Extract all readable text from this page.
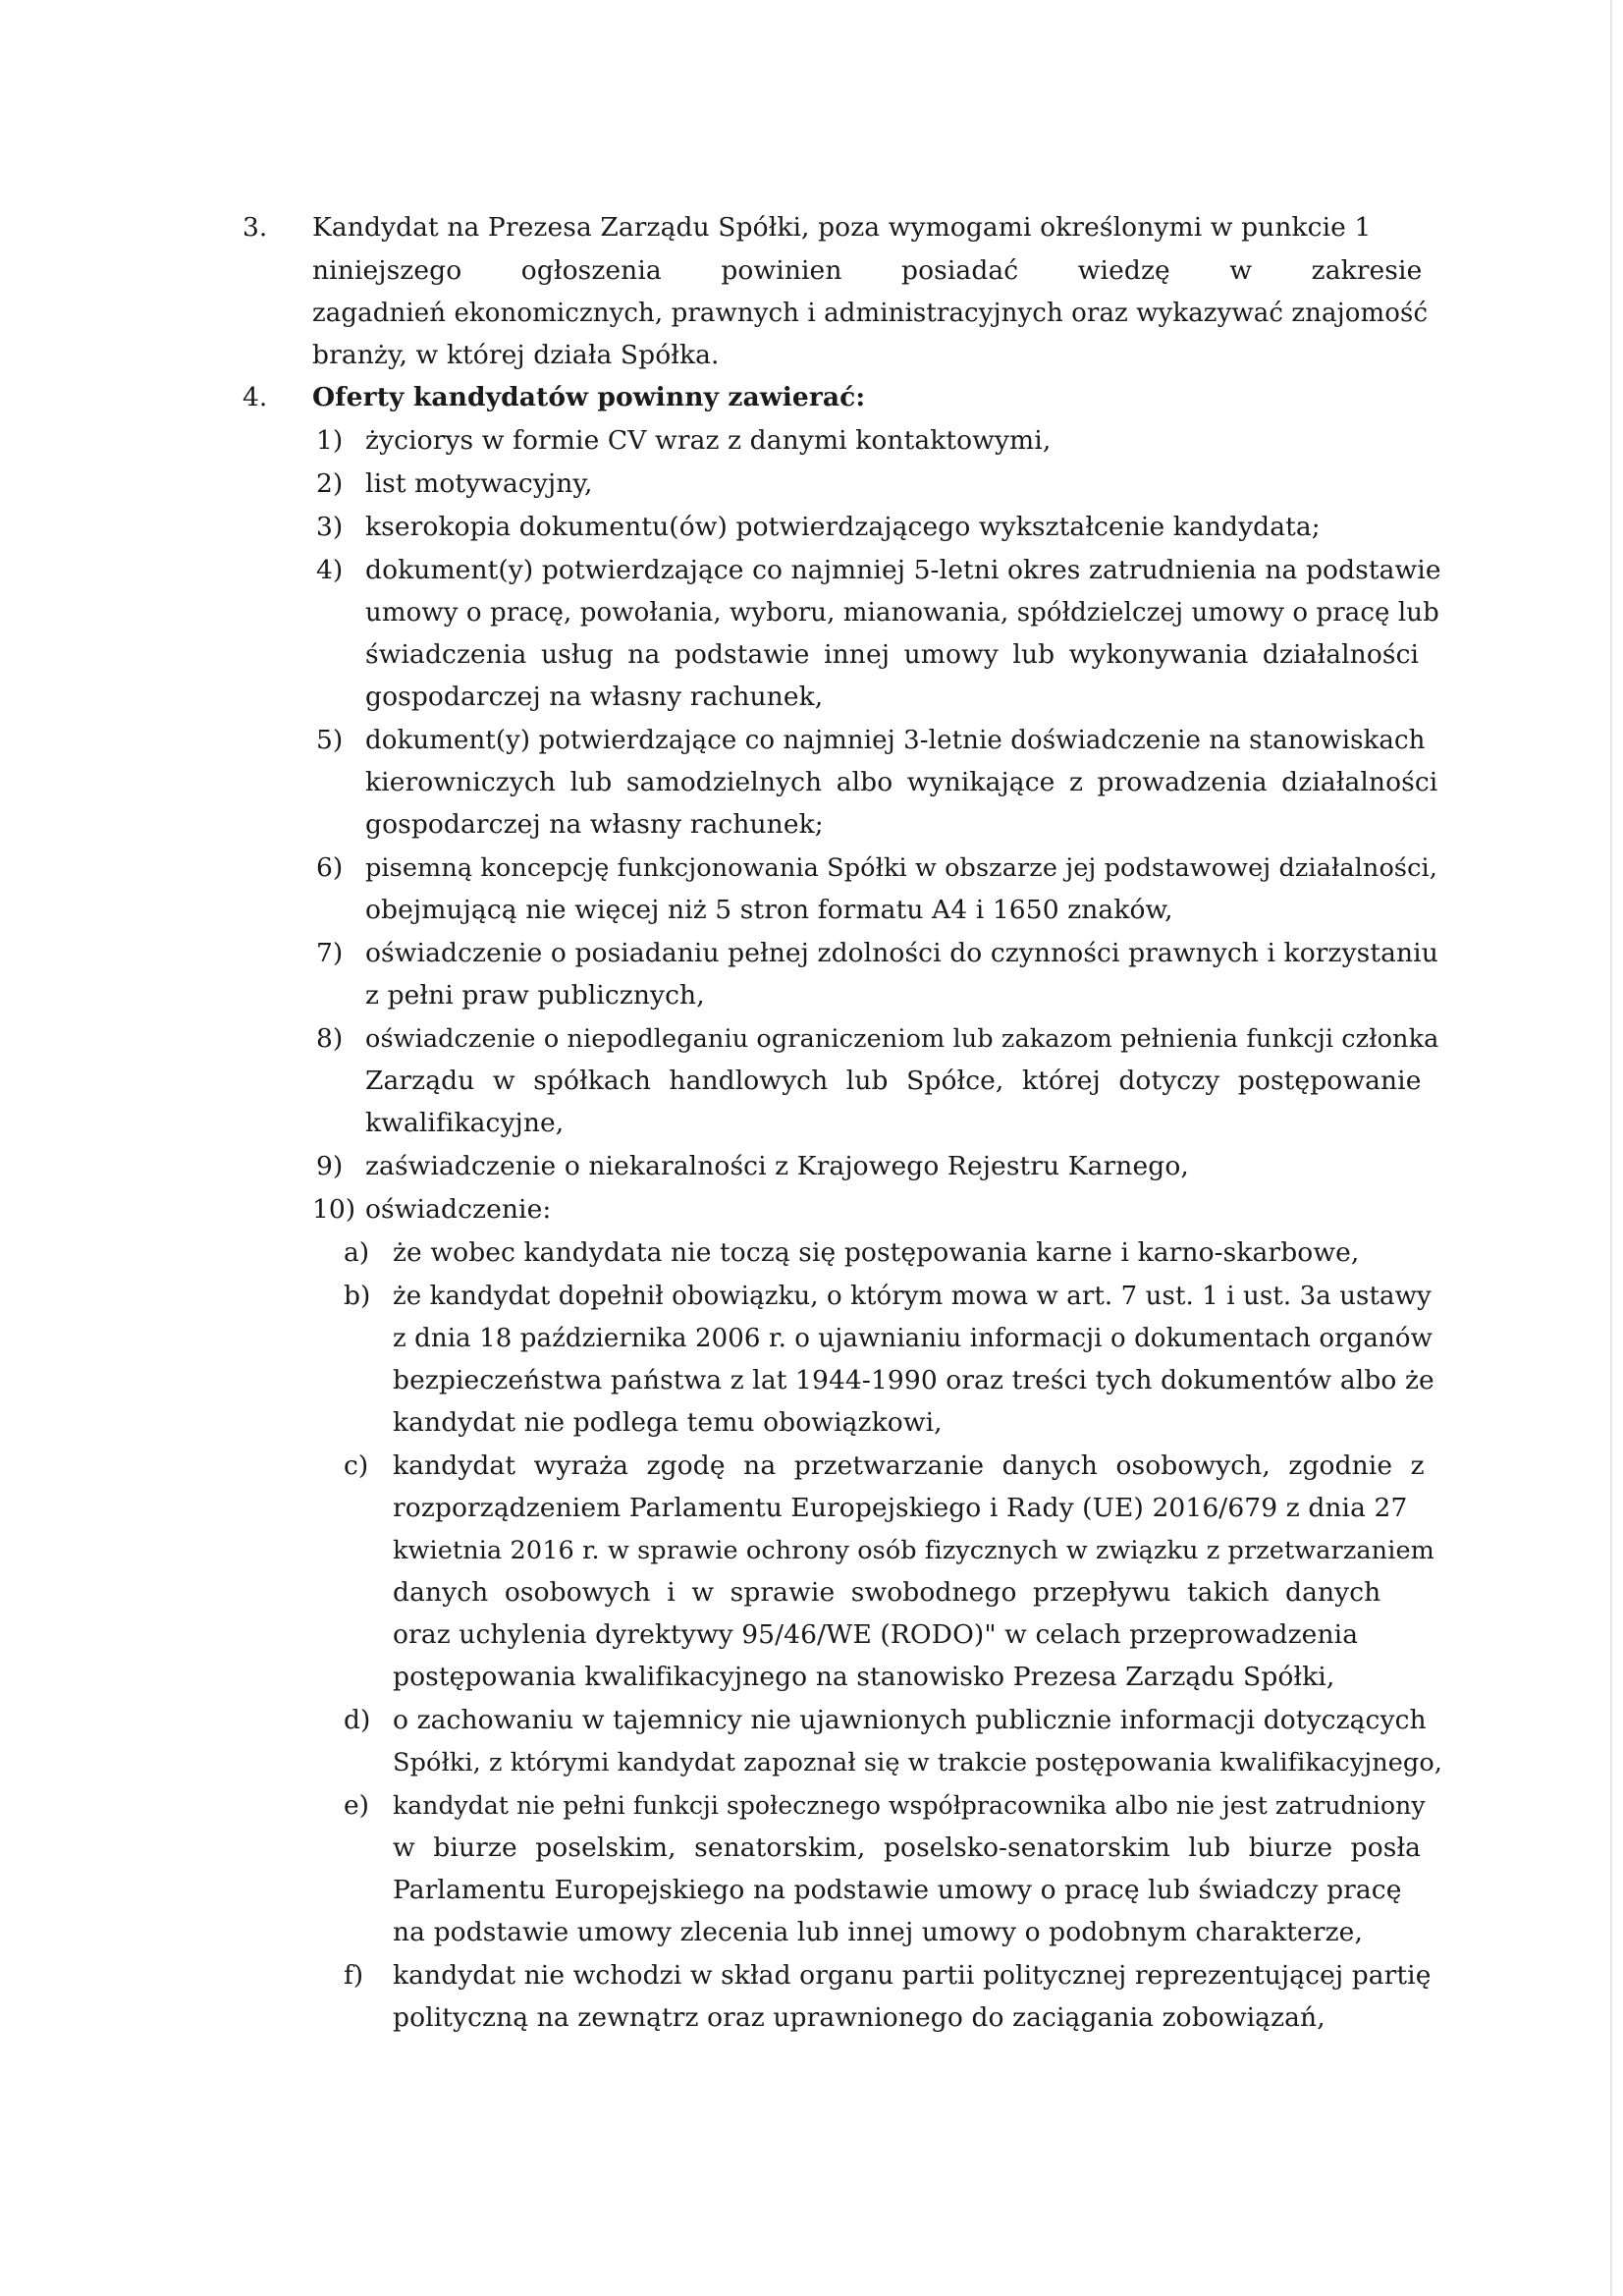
3. Kandydat na Prezesa Zarządu Spółki, poza wymogami określonymi w punkcie 1
niniejszego ogłoszenia powinien posiadać wiedzę w zakresie
zagadnień ekonomicznych, prawnych i administracyjnych oraz wykazywać znajomość
branży, w której działa Spółka.
4. Oferty kandydatów powinny zawierać:
1) życiorys w formie CV wraz z danymi kontaktowymi,
2) list motywacyjny,
3) kserokopia dokumentu(ów) potwierdzającego wykształcenie kandydata;
4) dokument(y) potwierdzające co najmniej 5-letni okres zatrudnienia na podstawie
umowy o pracę, powołania, wyboru, mianowania, spółdzielczej umowy o pracę lub
świadczenia usług na podstawie innej umowy lub wykonywania działalności
gospodarczej na własny rachunek,
5) dokument(y) potwierdzające co najmniej 3-letnie doświadczenie na stanowiskach
kierowniczych lub samodzielnych albo wynikające z prowadzenia działalności
gospodarczej na własny rachunek;
6) pisemną koncepcję funkcjonowania Spółki w obszarze jej podstawowej działalności,
obejmującą nie więcej niż 5 stron formatu A4 i 1650 znaków,
7) oświadczenie o posiadaniu pełnej zdolności do czynności prawnych i korzystaniu
z pełni praw publicznych,
8) oświadczenie o niepodleganiu ograniczeniom lub zakazom pełnienia funkcji członka
Zarządu w spółkach handlowych lub Spółce, której dotyczy postępowanie
kwalifikacyjne,
9) zaświadczenie o niekaralności z Krajowego Rejestru Karnego,
10) oświadczenie:
a) że wobec kandydata nie toczą się postępowania karne i karno-skarbowe,
b) że kandydat dopełnił obowiązku, o którym mowa w art. 7 ust. 1 i ust. 3a ustawy
z dnia 18 października 2006 r. o ujawnianiu informacji o dokumentach organów
bezpieczeństwa państwa z lat 1944-1990 oraz treści tych dokumentów albo że
kandydat nie podlega temu obowiązkowi,
c) kandydat wyraża zgodę na przetwarzanie danych osobowych, zgodnie z
rozporządzeniem Parlamentu Europejskiego i Rady (UE) 2016/679 z dnia 27
kwietnia 2016 r. w sprawie ochrony osób fizycznych w związku z przetwarzaniem
danych osobowych i w sprawie swobodnego przepływu takich danych
oraz uchylenia dyrektywy 95/46/WE (RODO)" w celach przeprowadzenia
postępowania kwalifikacyjnego na stanowisko Prezesa Zarządu Spółki,
d) o zachowaniu w tajemnicy nie ujawnionych publicznie informacji dotyczących
Spółki, z którymi kandydat zapoznał się w trakcie postępowania kwalifikacyjnego,
e) kandydat nie pełni funkcji społecznego współpracownika albo nie jest zatrudniony
w biurze poselskim, senatorskim, poselsko-senatorskim lub biurze posła
Parlamentu Europejskiego na podstawie umowy o pracę lub świadczy pracę
na podstawie umowy zlecenia lub innej umowy o podobnym charakterze,
f) kandydat nie wchodzi w skład organu partii politycznej reprezentującej partię
polityczną na zewnątrz oraz uprawnionego do zaciągania zobowiązań,
